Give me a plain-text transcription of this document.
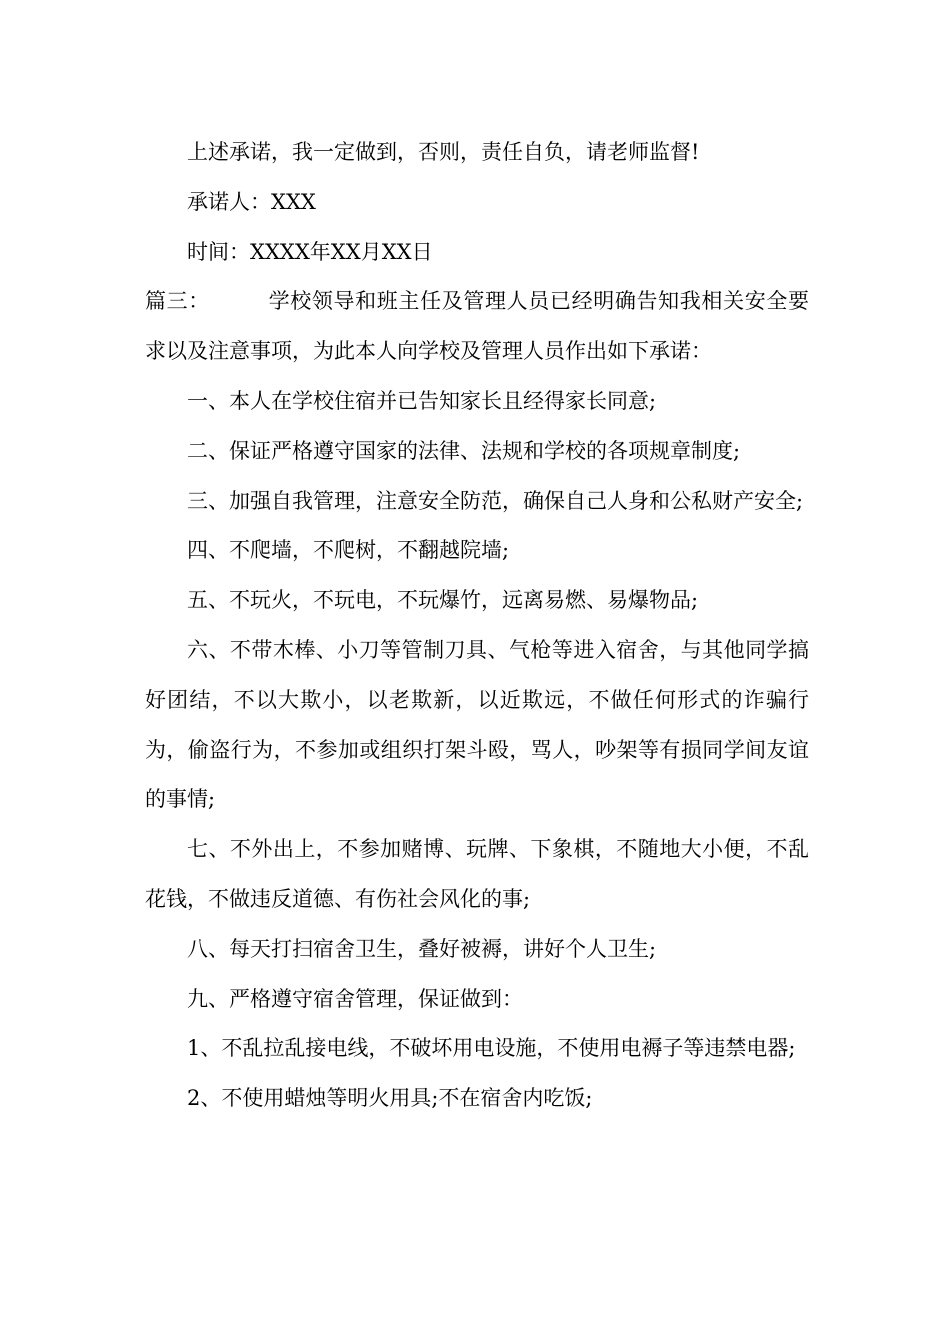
上述承诺，我一定做到，否则，责任自负，请老师监督!

承诺人：XXX

时间：XXXX年XX月XX日

篇三：	学校领导和班主任及管理人员已经明确告知我相关安全要求以及注意事项，为此本人向学校及管理人员作出如下承诺：

一、本人在学校住宿并已告知家长且经得家长同意;

二、保证严格遵守国家的法律、法规和学校的各项规章制度;

三、加强自我管理，注意安全防范，确保自己人身和公私财产安全;

四、不爬墙，不爬树，不翻越院墙;

五、不玩火，不玩电，不玩爆竹，远离易燃、易爆物品;

六、不带木棒、小刀等管制刀具、气枪等进入宿舍，与其他同学搞好团结，不以大欺小，以老欺新，以近欺远，不做任何形式的诈骗行为，偷盗行为，不参加或组织打架斗殴，骂人，吵架等有损同学间友谊的事情;

七、不外出上，不参加赌博、玩牌、下象棋，不随地大小便，不乱花钱，不做违反道德、有伤社会风化的事;

八、每天打扫宿舍卫生，叠好被褥，讲好个人卫生;

九、严格遵守宿舍管理，保证做到：

1、不乱拉乱接电线，不破坏用电设施，不使用电褥子等违禁电器;

2、不使用蜡烛等明火用具;不在宿舍内吃饭;
